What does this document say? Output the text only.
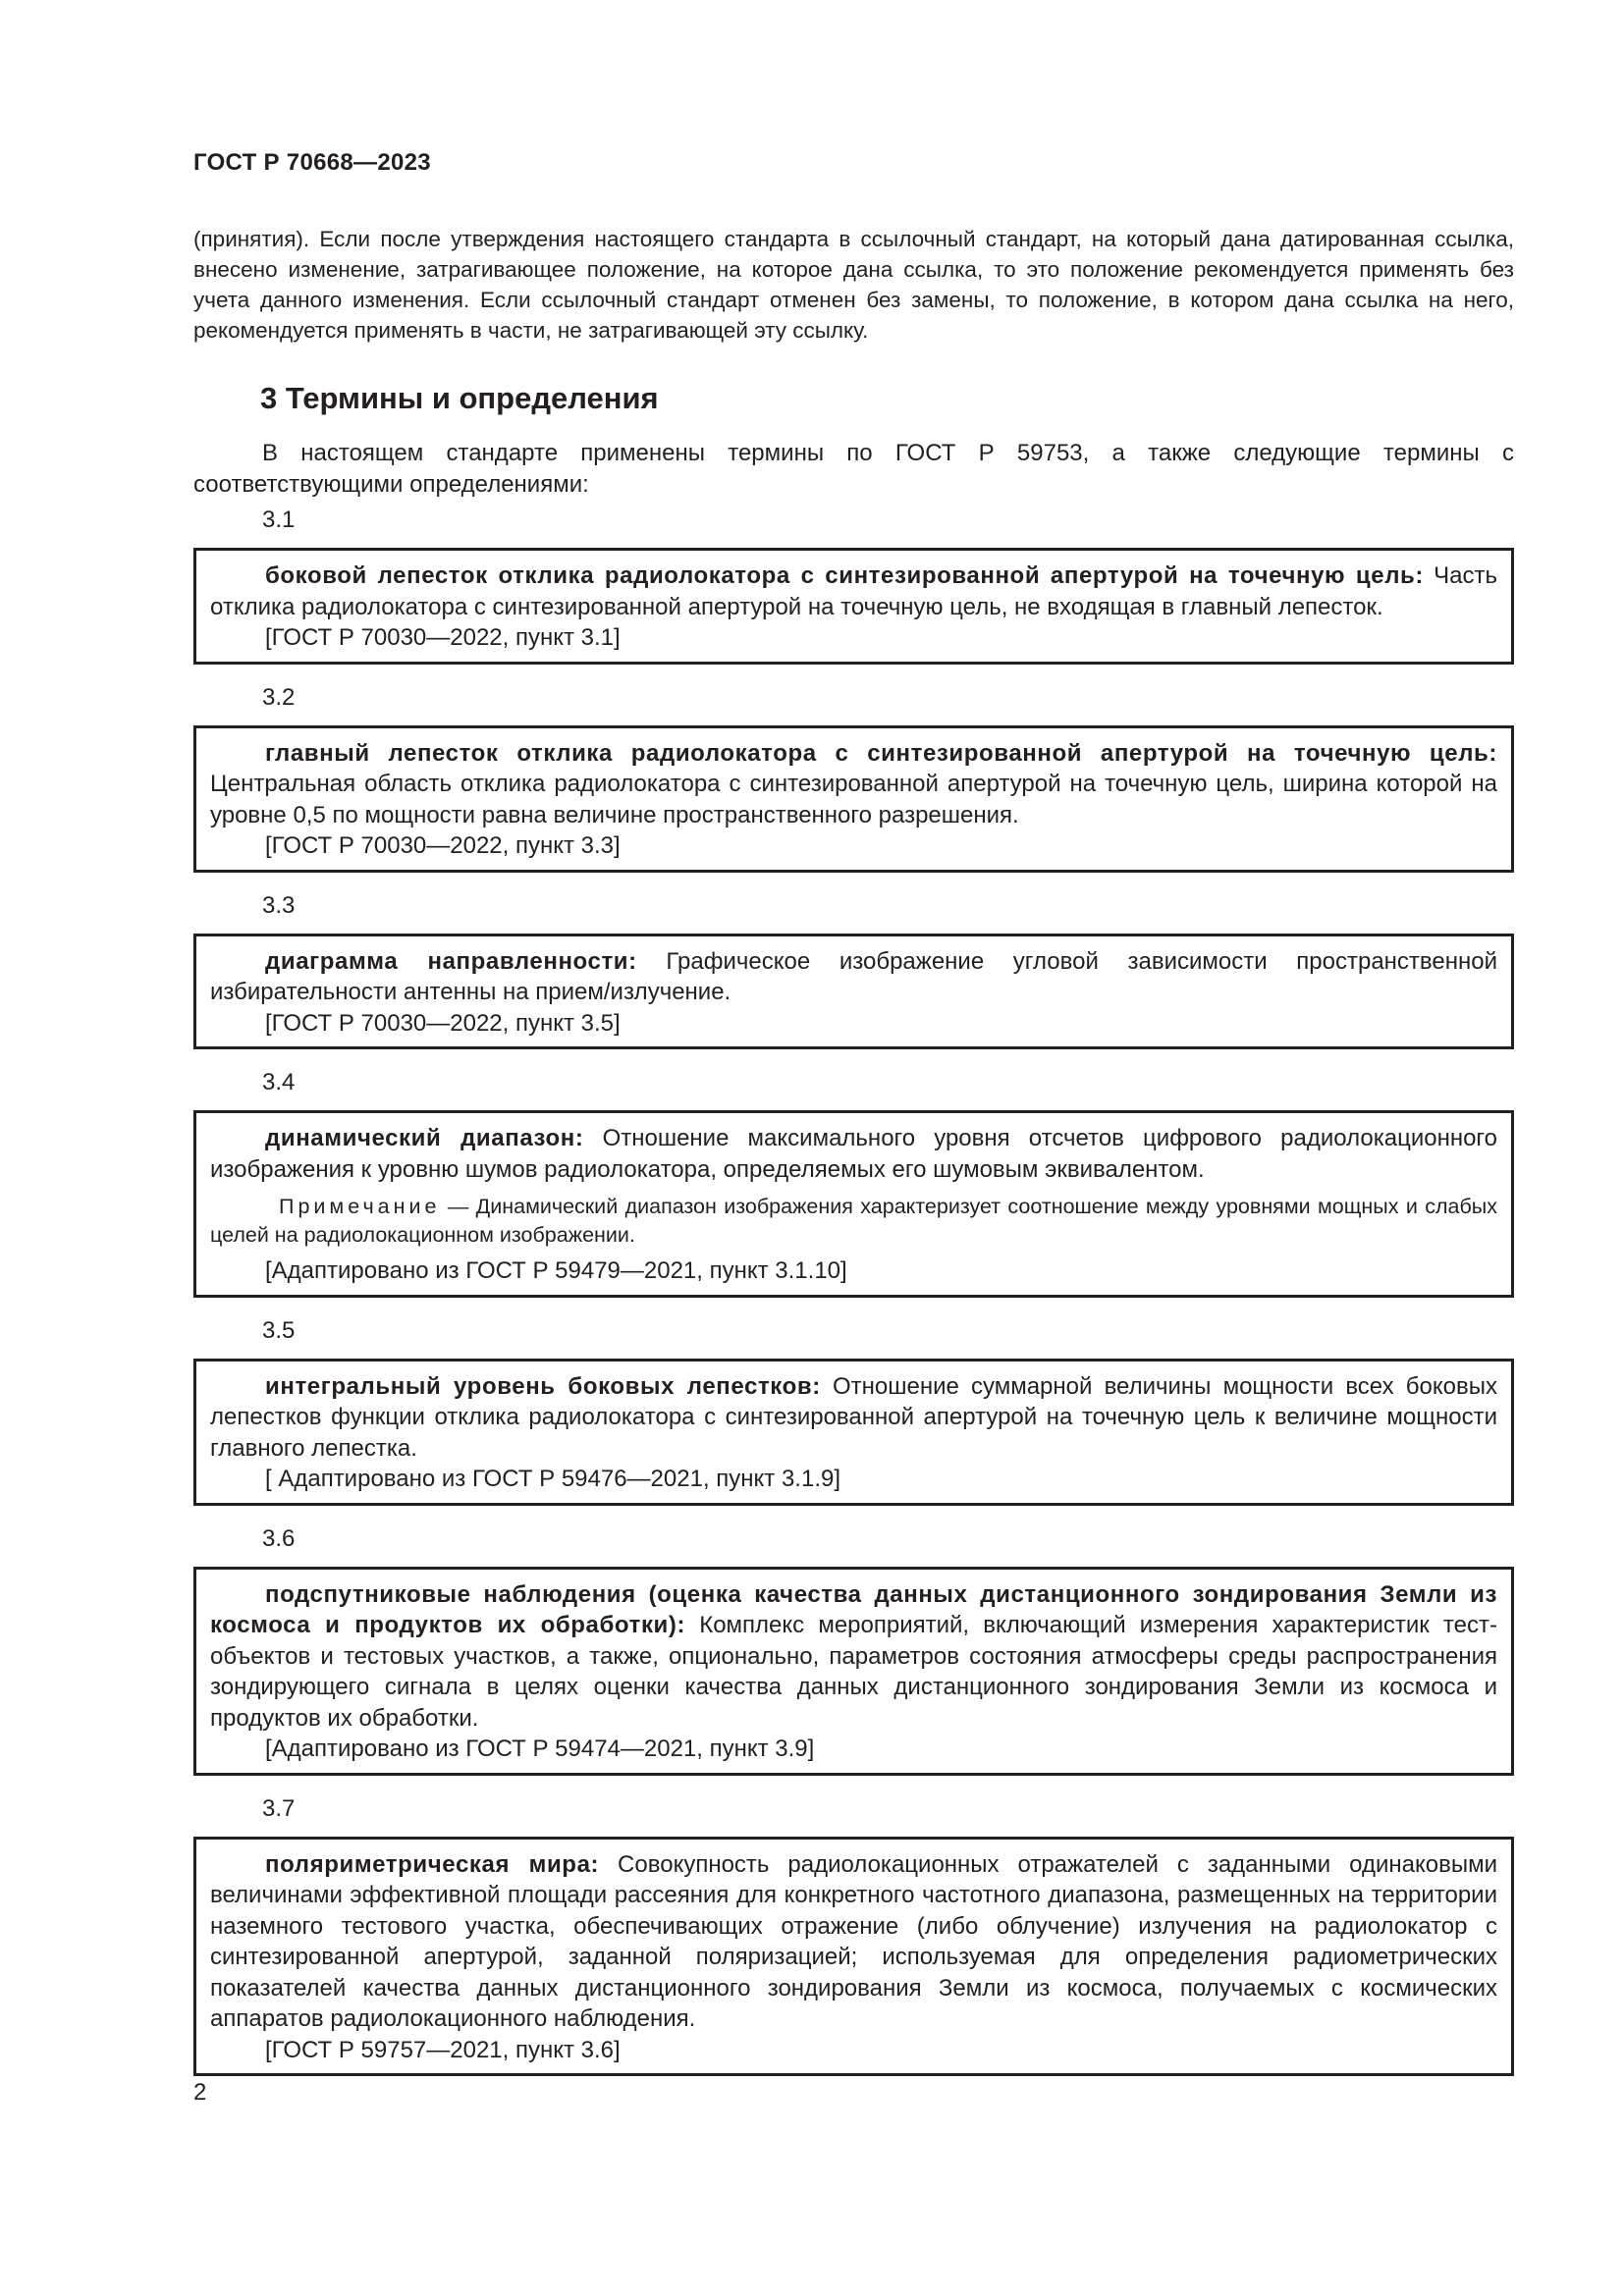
ГОСТ Р 70668—2023

(принятия). Если после утверждения настоящего стандарта в ссылочный стандарт, на который дана датированная ссылка, внесено изменение, затрагивающее положение, на которое дана ссылка, то это положение рекомендуется применять без учета данного изменения. Если ссылочный стандарт отменен без замены, то положение, в котором дана ссылка на него, рекомендуется применять в части, не затрагивающей эту ссылку.

3 Термины и определения

В настоящем стандарте применены термины по ГОСТ Р 59753, а также следующие термины с соответствующими определениями:

3.1

боковой лепесток отклика радиолокатора с синтезированной апертурой на точечную цель: Часть отклика радиолокатора с синтезированной апертурой на точечную цель, не входящая в главный лепесток.

[ГОСТ Р 70030—2022, пункт 3.1]
3.2

главный лепесток отклика радиолокатора с синтезированной апертурой на точечную цель: Центральная область отклика радиолокатора с синтезированной апертурой на точечную цель, ширина которой на уровне 0,5 по мощности равна величине пространственного разрешения.

[ГОСТ Р 70030—2022, пункт 3.3]
3.3

диаграмма направленности: Графическое изображение угловой зависимости пространственной избирательности антенны на прием/излучение.

[ГОСТ Р 70030—2022, пункт 3.5]
3.4

динамический диапазон: Отношение максимального уровня отсчетов цифрового радиолокационного изображения к уровню шумов радиолокатора, определяемых его шумовым эквивалентом.

Примечание — Динамический диапазон изображения характеризует соотношение между уровнями мощных и слабых целей на радиолокационном изображении.

[Адаптировано из ГОСТ Р 59479—2021, пункт 3.1.10]
3.5

интегральный уровень боковых лепестков: Отношение суммарной величины мощности всех боковых лепестков функции отклика радиолокатора с синтезированной апертурой на точечную цель к величине мощности главного лепестка.

[ Адаптировано из ГОСТ Р 59476—2021, пункт 3.1.9]
3.6

подспутниковые наблюдения (оценка качества данных дистанционного зондирования Земли из космоса и продуктов их обработки): Комплекс мероприятий, включающий измерения характеристик тест-объектов и тестовых участков, а также, опционально, параметров состояния атмосферы среды распространения зондирующего сигнала в целях оценки качества данных дистанционного зондирования Земли из космоса и продуктов их обработки.

[Адаптировано из ГОСТ Р 59474—2021, пункт 3.9]
3.7

поляриметрическая мира: Совокупность радиолокационных отражателей с заданными одинаковыми величинами эффективной площади рассеяния для конкретного частотного диапазона, размещенных на территории наземного тестового участка, обеспечивающих отражение (либо облучение) излучения на радиолокатор с синтезированной апертурой, заданной поляризацией; используемая для определения радиометрических показателей качества данных дистанционного зондирования Земли из космоса, получаемых с космических аппаратов радиолокационного наблюдения.

[ГОСТ Р 59757—2021, пункт 3.6]
2
